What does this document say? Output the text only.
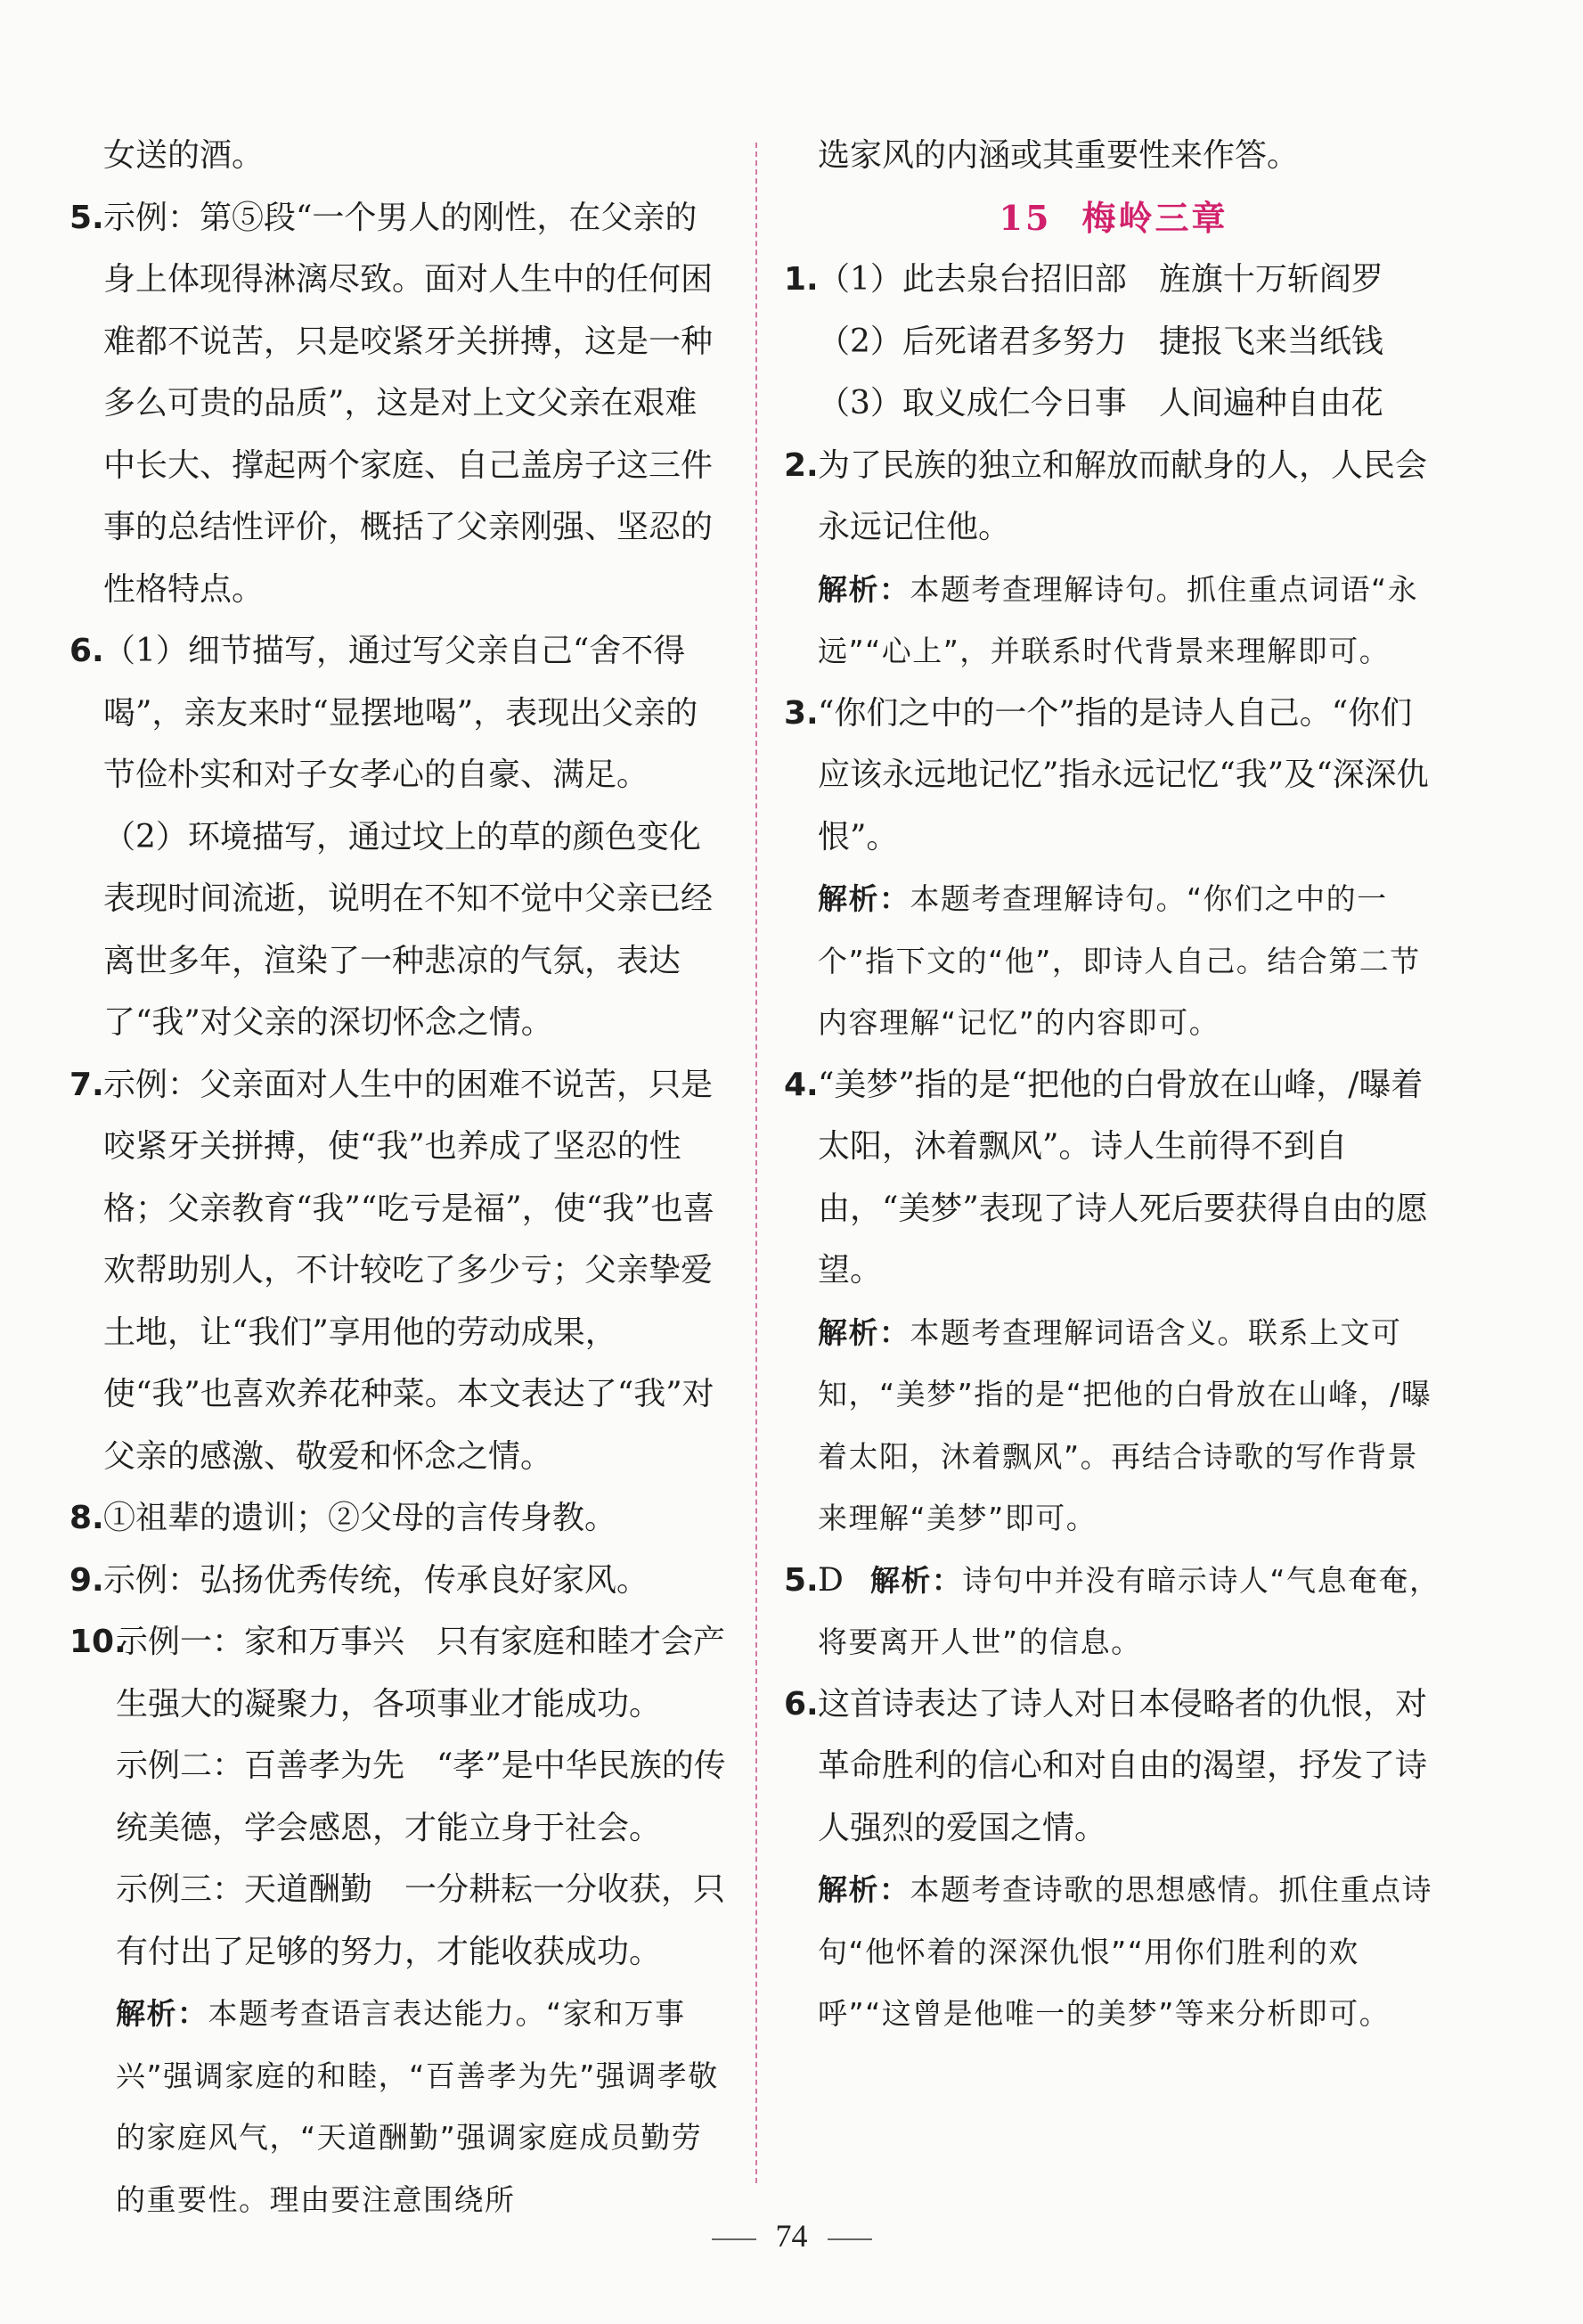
女送的酒。

5. 示例：第⑤段“一个男人的刚性，在父亲的身上体现得淋漓尽致。面对人生中的任何困难都不说苦，只是咬紧牙关拼搏，这是一种多么可贵的品质”，这是对上文父亲在艰难中长大、撑起两个家庭、自己盖房子这三件事的总结性评价，概括了父亲刚强、坚忍的性格特点。
6. （1）细节描写，通过写父亲自己“舍不得喝”，亲友来时“显摆地喝”，表现出父亲的节俭朴实和对子女孝心的自豪、满足。
（2）环境描写，通过坟上的草的颜色变化表现时间流逝，说明在不知不觉中父亲已经离世多年，渲染了一种悲凉的气氛，表达了“我”对父亲的深切怀念之情。
7. 示例：父亲面对人生中的困难不说苦，只是咬紧牙关拼搏，使“我”也养成了坚忍的性格；父亲教育“我”“吃亏是福”，使“我”也喜欢帮助别人，不计较吃了多少亏；父亲挚爱土地，让“我们”享用他的劳动成果，使“我”也喜欢养花种菜。本文表达了“我”对父亲的感激、敬爱和怀念之情。
8. ①祖辈的遗训；②父母的言传身教。
9. 示例：弘扬优秀传统，传承良好家风。
10.
示例一：家和万事兴　只有家庭和睦才会产生强大的凝聚力，各项事业才能成功。
示例二：百善孝为先　“孝”是中华民族的传统美德，学会感恩，才能立身于社会。
示例三：天道酬勤　一分耕耘一分收获，只有付出了足够的努力，才能收获成功。
解析：本题考查语言表达能力。“家和万事兴”强调家庭的和睦，“百善孝为先”强调孝敬的家庭风气，“天道酬勤”强调家庭成员勤劳的重要性。理由要注意围绕所

选家风的内涵或其重要性来作答。

15 梅岭三章

1. （1）此去泉台招旧部　旌旗十万斩阎罗
（2）后死诸君多努力　捷报飞来当纸钱
（3）取义成仁今日事　人间遍种自由花
2. 为了民族的独立和解放而献身的人，人民会永远记住他。
解析：本题考查理解诗句。抓住重点词语“永远”“心上”，并联系时代背景来理解即可。
3. “你们之中的一个”指的是诗人自己。“你们应该永远地记忆”指永远记忆“我”及“深深仇恨”。
解析：本题考查理解诗句。“你们之中的一个”指下文的“他”，即诗人自己。结合第二节内容理解“记忆”的内容即可。
4. “美梦”指的是“把他的白骨放在山峰，/曝着太阳，沐着飘风”。诗人生前得不到自由，“美梦”表现了诗人死后要获得自由的愿望。
解析：本题考查理解词语含义。联系上文可知，“美梦”指的是“把他的白骨放在山峰，/曝着太阳，沐着飘风”。再结合诗歌的写作背景来理解“美梦”即可。
5. D 解析：诗句中并没有暗示诗人“气息奄奄，将要离开人世”的信息。
6. 这首诗表达了诗人对日本侵略者的仇恨，对革命胜利的信心和对自由的渴望，抒发了诗人强烈的爱国之情。
解析：本题考查诗歌的思想感情。抓住重点诗句“他怀着的深深仇恨”“用你们胜利的欢呼”“这曾是他唯一的美梦”等来分析即可。
74
